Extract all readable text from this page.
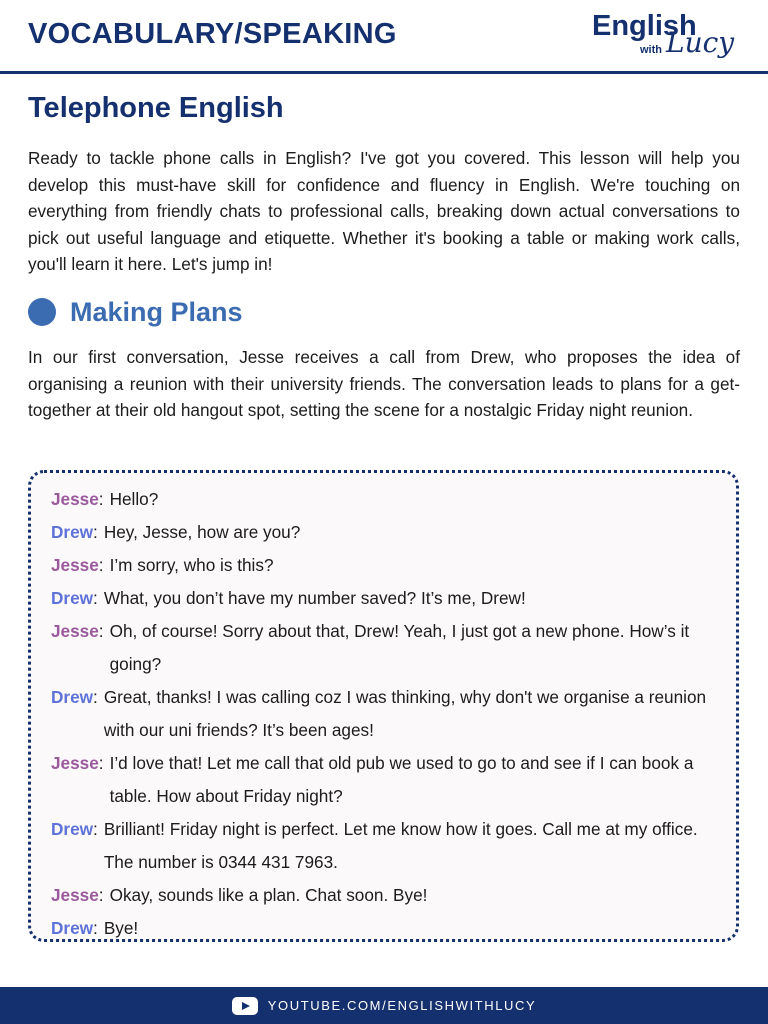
VOCABULARY/SPEAKING	English
with Lucy
Telephone English

Ready to tackle phone calls in English? I've got you covered. This lesson will help you develop this must-have skill for confidence and fluency in English. We're touching on everything from friendly chats to professional calls, breaking down actual conversations to pick out useful language and etiquette. Whether it's booking a table or making work calls, you'll learn it here. Let's jump in!

Making Plans

In our first conversation, Jesse receives a call from Drew, who proposes the idea of organising a reunion with their university friends. The conversation leads to plans for a get-together at their old hangout spot, setting the scene for a nostalgic Friday night reunion.

Jesse : Hello?
Drew : Hey, Jesse, how are you?
Jesse : I’m sorry, who is this?
Drew : What, you don’t have my number saved? It’s me, Drew!
Jesse : Oh, of course! Sorry about that, Drew! Yeah, I just got a new phone. How’s it going?
Drew : Great, thanks! I was calling coz I was thinking, why don't we organise a reunion with our uni friends? It’s been ages!
Jesse : I’d love that! Let me call that old pub we used to go to and see if I can book a table. How about Friday night?
Drew : Brilliant! Friday night is perfect. Let me know how it goes. Call me at my office. The number is 0344 431 7963.
Jesse : Okay, sounds like a plan. Chat soon. Bye!
Drew : Bye!
YOUTUBE.COM/ENGLISHWITHLUCY
